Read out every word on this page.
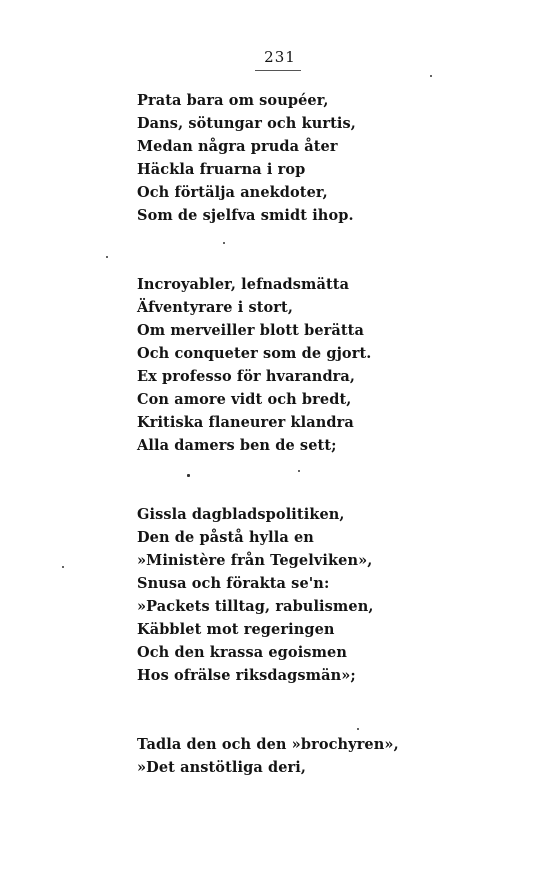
231
Prata bara om soupéer,
Dans, sötungar och kurtis,
Medan några pruda åter
Häckla fruarna i rop
Och förtälja anekdoter,
Som de sjelfva smidt ihop.
Incroyabler, lefnadsmätta
Äfventyrare i stort,
Om merveiller blott berätta
Och conqueter som de gjort.
Ex professo för hvarandra,
Con amore vidt och bredt,
Kritiska flaneurer klandra
Alla damers ben de sett;
Gissla dagbladspolitiken,
Den de påstå hylla en
»Ministère från Tegelviken»,
Snusa och förakta se'n:
»Packets tilltag, rabulismen,
Käbblet mot regeringen
Och den krassa egoismen
Hos ofrälse riksdagsmän»;
Tadla den och den »brochyren»,
»Det anstötliga deri,
